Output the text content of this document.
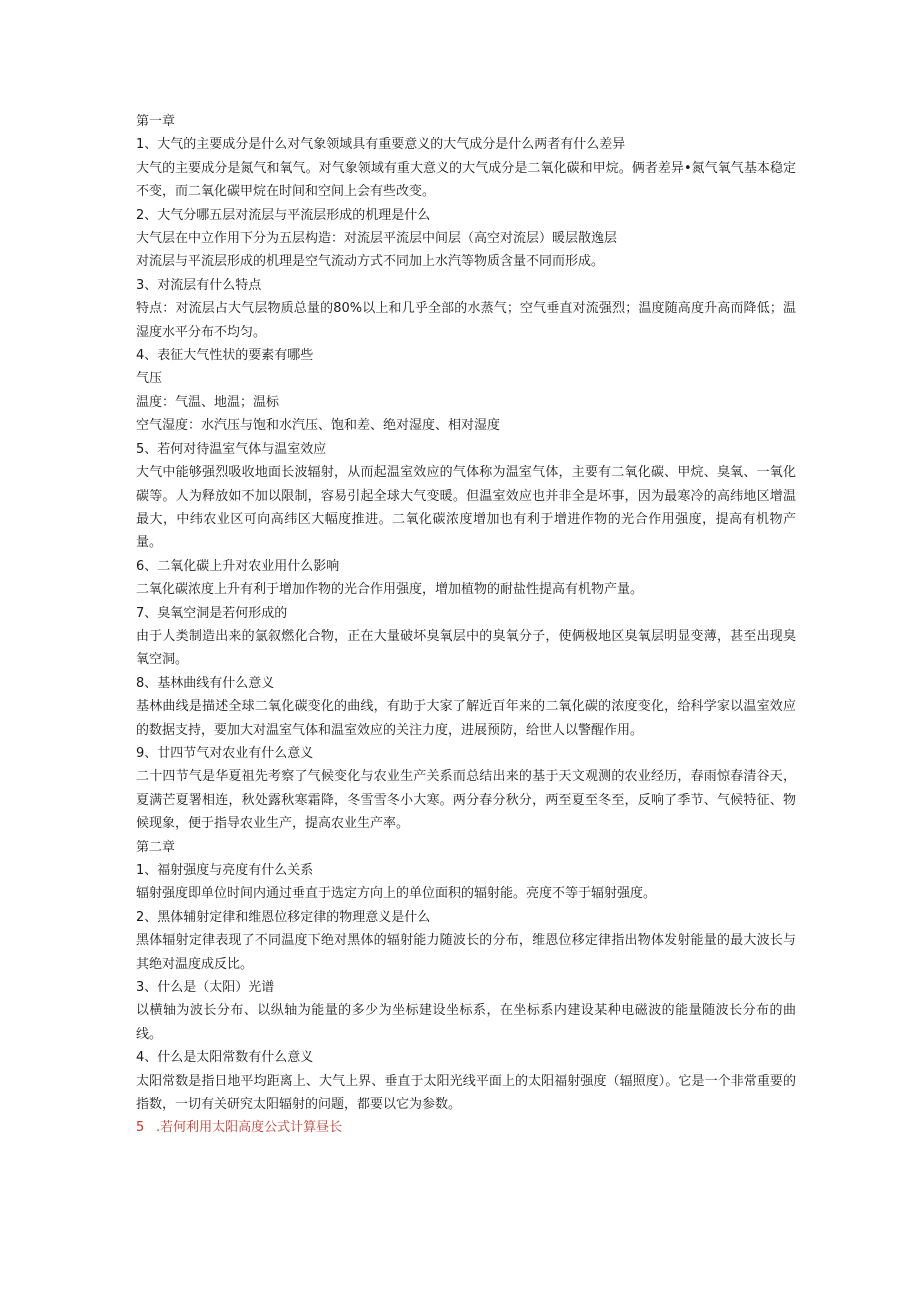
第一章
1、大气的主要成分是什么对气象领域具有重要意义的大气成分是什么两者有什么差异
大气的主要成分是氮气和氧气。对气象领域有重大意义的大气成分是二氧化碳和甲烷。俩者差异•氮气氧气基本稳定不变，而二氧化碳甲烷在时间和空间上会有些改变。
2、大气分哪五层对流层与平流层形成的机理是什么
大气层在中立作用下分为五层构造：对流层平流层中间层（高空对流层）暖层散逸层
对流层与平流层形成的机理是空气流动方式不同加上水汽等物质含量不同而形成。
3、对流层有什么特点
特点：对流层占大气层物质总量的80%以上和几乎全部的水蒸气；空气垂直对流强烈；温度随高度升高而降低；温湿度水平分布不均匀。
4、表征大气性状的要素有哪些
气压
温度：气温、地温；温标
空气湿度：水汽压与饱和水汽压、饱和差、绝对湿度、相对湿度
5、若何对待温室气体与温室效应
大气中能够强烈吸收地面长波辐射，从而起温室效应的气体称为温室气体，主要有二氧化碳、甲烷、臭氧、一氧化碳等。人为释放如不加以限制，容易引起全球大气变暖。但温室效应也并非全是坏事，因为最寒冷的高纬地区增温最大，中纬农业区可向高纬区大幅度推进。二氧化碳浓度增加也有利于增进作物的光合作用强度，提高有机物产量。
6、二氧化碳上升对农业用什么影响
二氧化碳浓度上升有利于增加作物的光合作用强度，增加植物的耐盐性提高有机物产量。
7、臭氧空洞是若何形成的
由于人类制造出来的氯叙燃化合物，正在大量破坏臭氧层中的臭氧分子，使俩极地区臭氧层明显变薄，甚至出现臭氧空洞。
8、基林曲线有什么意义
基林曲线是描述全球二氧化碳变化的曲线，有助于大家了解近百年来的二氧化碳的浓度变化，给科学家以温室效应的数据支持，要加大对温室气体和温室效应的关注力度，进展预防，给世人以警醒作用。
9、廿四节气对农业有什么意义
二十四节气是华夏祖先考察了气候变化与农业生产关系而总结出来的基于天文观测的农业经历，春雨惊春清谷天，夏满芒夏署相连，秋处露秋寒霜降，冬雪雪冬小大寒。两分春分秋分，两至夏至冬至，反响了季节、气候特征、物候现象，便于指导农业生产，提高农业生产率。
第二章
1、福射强度与亮度有什么关系
辐射强度即单位时间内通过垂直于选定方向上的单位面积的辐射能。亮度不等于辐射强度。
2、黑体辅射定律和维恩位移定律的物理意义是什么
黑体辐射定律表现了不同温度下绝对黑体的辐射能力随波长的分布，维恩位移定律指出物体发射能量的最大波长与其绝对温度成反比。
3、什么是（太阳）光谱
以横轴为波长分布、以纵轴为能量的多少为坐标建设坐标系，在坐标系内建设某种电磁波的能量随波长分布的曲线。
4、什么是太阳常数有什么意义
太阳常数是指日地平均距离上、大气上界、垂直于太阳光线平面上的太阳福射强度（辐照度）。它是一个非常重要的指数，一切有关研究太阳辐射的问题，都要以它为参数。
5 .若何利用太阳高度公式计算昼长
